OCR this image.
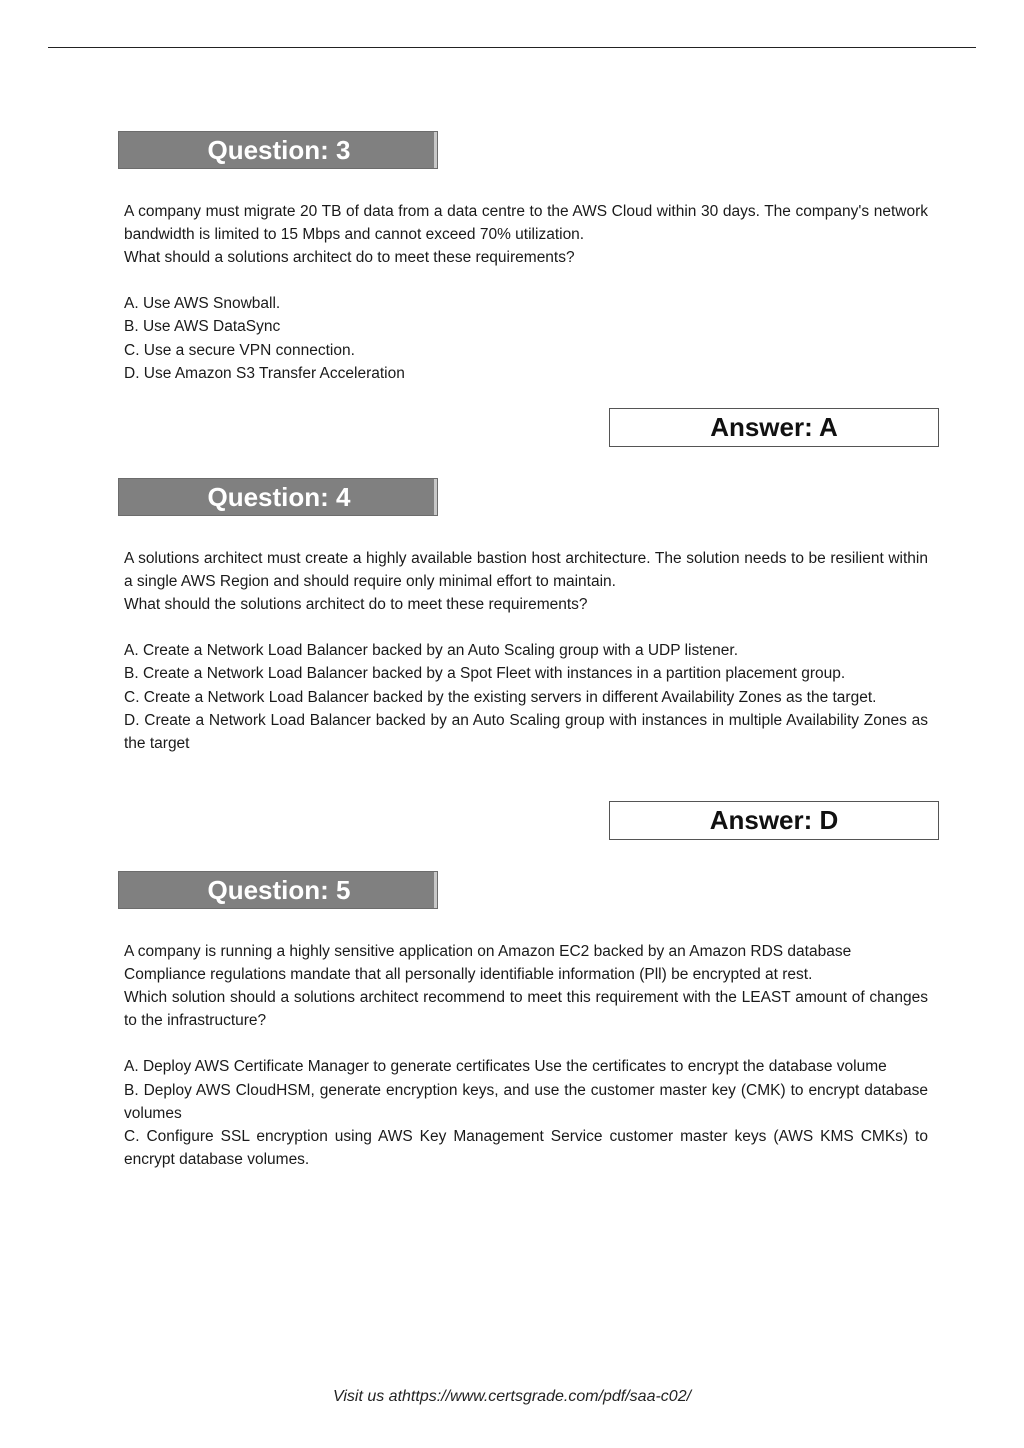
Question: 3

A company must migrate 20 TB of data from a data centre to the AWS Cloud within 30 days. The company's network bandwidth is limited to 15 Mbps and cannot exceed 70% utilization.

What should a solutions architect do to meet these requirements?

A. Use AWS Snowball.

B. Use AWS DataSync

C. Use a secure VPN connection.

D. Use Amazon S3 Transfer Acceleration

Answer: A
Question: 4

A solutions architect must create a highly available bastion host architecture. The solution needs to be resilient within a single AWS Region and should require only minimal effort to maintain.

What should the solutions architect do to meet these requirements?

A. Create a Network Load Balancer backed by an Auto Scaling group with a UDP listener.

B. Create a Network Load Balancer backed by a Spot Fleet with instances in a partition placement group.

C. Create a Network Load Balancer backed by the existing servers in different Availability Zones as the target.

D. Create a Network Load Balancer backed by an Auto Scaling group with instances in multiple Availability Zones as the target

Answer: D
Question: 5

A company is running a highly sensitive application on Amazon EC2 backed by an Amazon RDS database

Compliance regulations mandate that all personally identifiable information (Pll) be encrypted at rest.

Which solution should a solutions architect recommend to meet this requirement with the LEAST amount of changes to the infrastructure?

A. Deploy AWS Certificate Manager to generate certificates Use the certificates to encrypt the database volume

B. Deploy AWS CloudHSM, generate encryption keys, and use the customer master key (CMK) to encrypt database volumes

C. Configure SSL encryption using AWS Key Management Service customer master keys (AWS KMS CMKs) to encrypt database volumes.

Visit us athttps://www.certsgrade.com/pdf/saa-c02/
